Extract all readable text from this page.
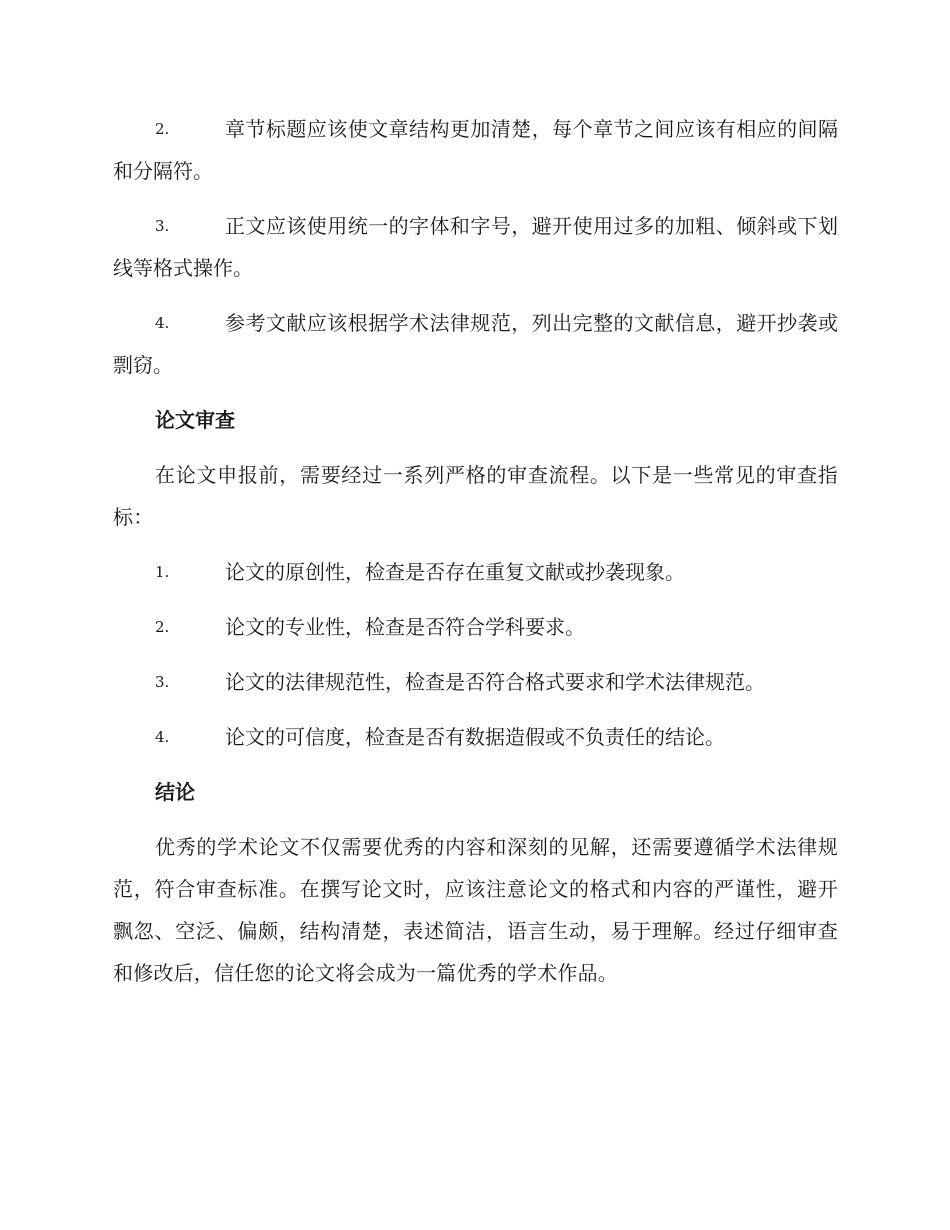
2.	章节标题应该使文章结构更加清楚，每个章节之间应该有相应的间隔和分隔符。
3.	正文应该使用统一的字体和字号，避开使用过多的加粗、倾斜或下划线等格式操作。
4.	参考文献应该根据学术法律规范，列出完整的文献信息，避开抄袭或剽窃。
论文审查
在论文申报前，需要经过一系列严格的审查流程。以下是一些常见的审查指标：
1.	论文的原创性，检查是否存在重复文献或抄袭现象。
2.	论文的专业性，检查是否符合学科要求。
3.	论文的法律规范性，检查是否符合格式要求和学术法律规范。
4.	论文的可信度，检查是否有数据造假或不负责任的结论。
结论
优秀的学术论文不仅需要优秀的内容和深刻的见解，还需要遵循学术法律规范，符合审查标准。在撰写论文时，应该注意论文的格式和内容的严谨性，避开飘忽、空泛、偏颇，结构清楚，表述简洁，语言生动，易于理解。经过仔细审查和修改后，信任您的论文将会成为一篇优秀的学术作品。
